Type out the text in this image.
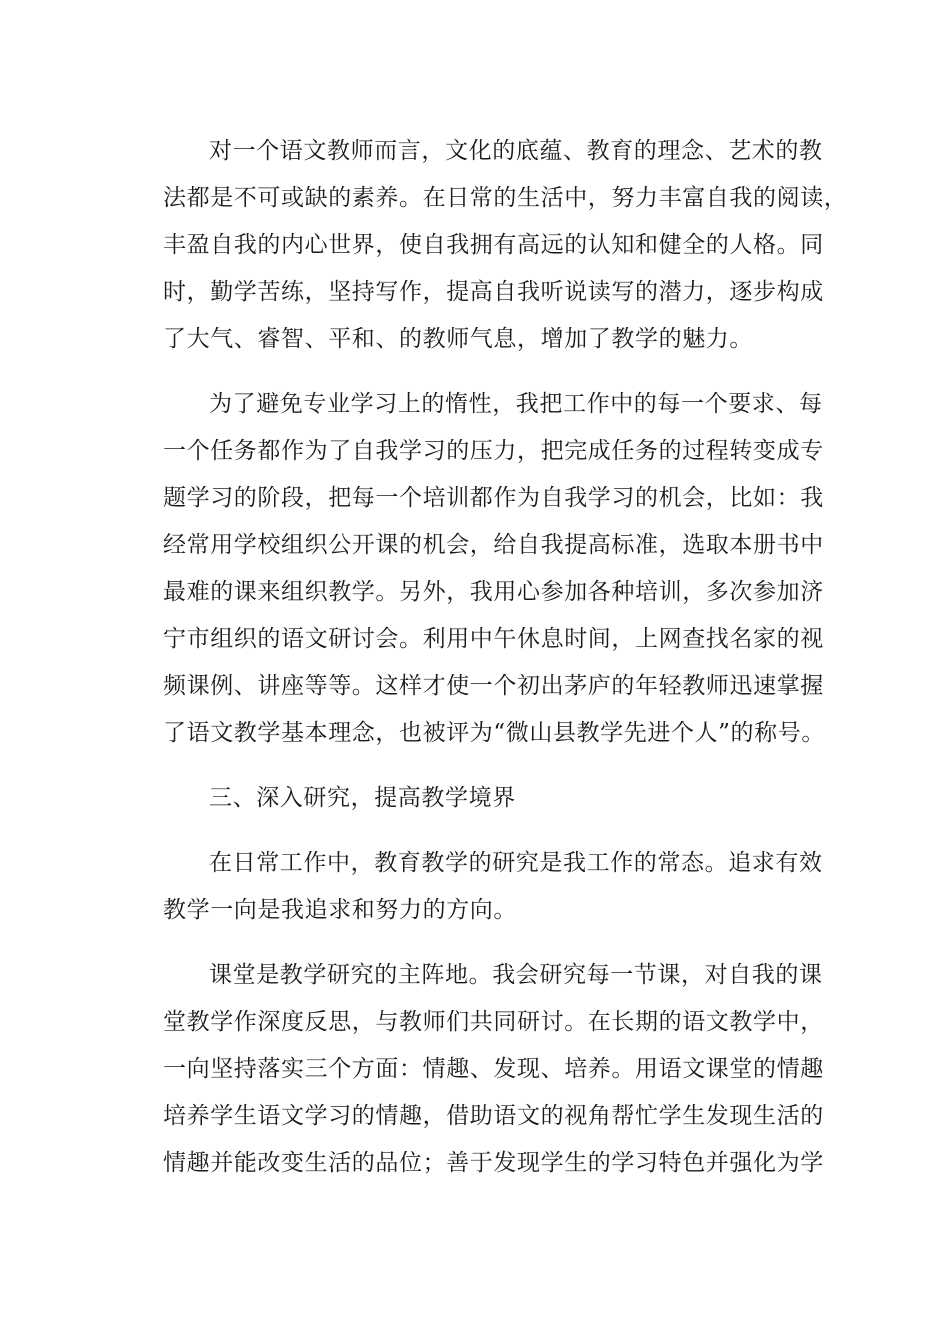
对一个语文教师而言，文化的底蕴、教育的理念、艺术的教
法都是不可或缺的素养。在日常的生活中，努力丰富自我的阅读，
丰盈自我的内心世界，使自我拥有高远的认知和健全的人格。同
时，勤学苦练，坚持写作，提高自我听说读写的潜力，逐步构成
了大气、睿智、平和、的教师气息，增加了教学的魅力。
为了避免专业学习上的惰性，我把工作中的每一个要求、每
一个任务都作为了自我学习的压力，把完成任务的过程转变成专
题学习的阶段，把每一个培训都作为自我学习的机会，比如：我
经常用学校组织公开课的机会，给自我提高标准，选取本册书中
最难的课来组织教学。另外，我用心参加各种培训，多次参加济
宁市组织的语文研讨会。利用中午休息时间，上网查找名家的视
频课例、讲座等等。这样才使一个初出茅庐的年轻教师迅速掌握
了语文教学基本理念，也被评为“微山县教学先进个人”的称号。
三、深入研究，提高教学境界
在日常工作中，教育教学的研究是我工作的常态。追求有效
教学一向是我追求和努力的方向。
课堂是教学研究的主阵地。我会研究每一节课，对自我的课
堂教学作深度反思，与教师们共同研讨。在长期的语文教学中，
一向坚持落实三个方面：情趣、发现、培养。用语文课堂的情趣
培养学生语文学习的情趣，借助语文的视角帮忙学生发现生活的
情趣并能改变生活的品位；善于发现学生的学习特色并强化为学
